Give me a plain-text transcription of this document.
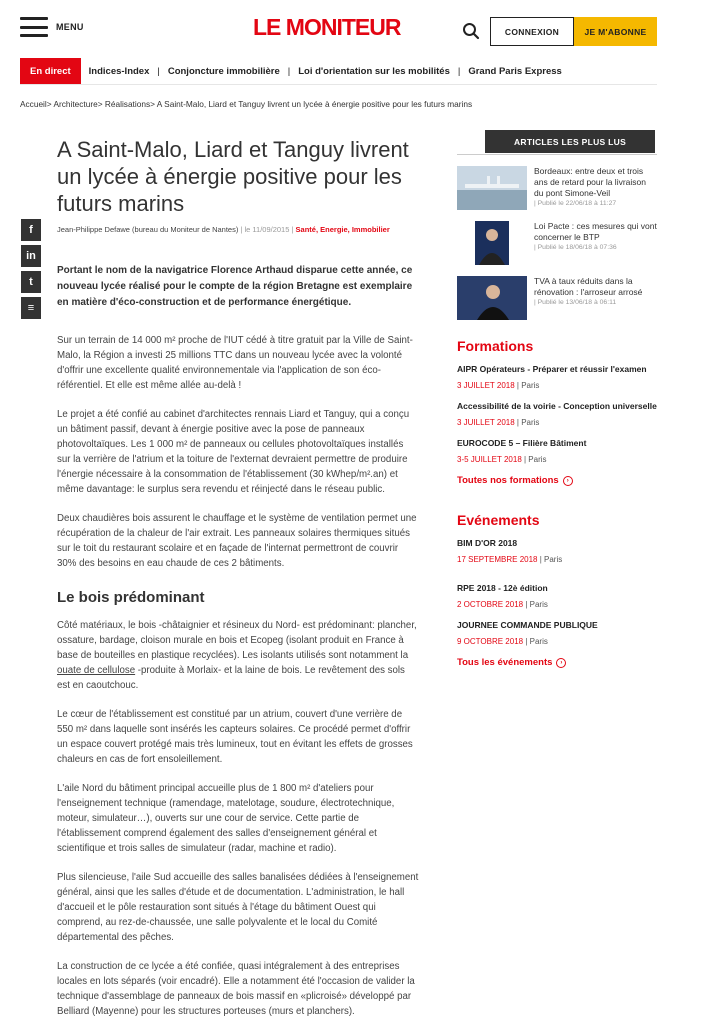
MENU	LE MONITEUR	CONNEXION	JE M'ABONNE
En direct	Indices-Index | Conjoncture immobilière | Loi d'orientation sur les mobilités | Grand Paris Express
Accueil> Architecture> Réalisations> A Saint-Malo, Liard et Tanguy livrent un lycée à énergie positive pour les futurs marins
f
in
t
≡
A Saint-Malo, Liard et Tanguy livrent un lycée à énergie positive pour les futurs marins
Jean-Philippe Defawe (bureau du Moniteur de Nantes) | le 11/09/2015 | Santé, Energie, Immobilier

Portant le nom de la navigatrice Florence Arthaud disparue cette année, ce nouveau lycée réalisé pour le compte de la région Bretagne est exemplaire en matière d'éco-construction et de performance énergétique.

Sur un terrain de 14 000 m² proche de l'IUT cédé à titre gratuit par la Ville de Saint-Malo, la Région a investi 25 millions TTC dans un nouveau lycée avec la volonté d'offrir une excellente qualité environnementale via l'application de son éco-référentiel. Et elle est même allée au-delà !

Le projet a été confié au cabinet d'architectes rennais Liard et Tanguy, qui a conçu un bâtiment passif, devant à énergie positive avec la pose de panneaux photovoltaïques. Les 1 000 m² de panneaux ou cellules photovoltaïques installés sur la verrière de l'atrium et la toiture de l'externat devraient permettre de produire l'énergie nécessaire à la consommation de l'établissement (30 kWhep/m².an) et même davantage: le surplus sera revendu et réinjecté dans le réseau public.

Deux chaudières bois assurent le chauffage et le système de ventilation permet une récupération de la chaleur de l'air extrait. Les panneaux solaires thermiques situés sur le toit du restaurant scolaire et en façade de l'internat permettront de couvrir 30% des besoins en eau chaude de ces 2 bâtiments.

Le bois prédominant

Côté matériaux, le bois -châtaignier et résineux du Nord- est prédominant: plancher, ossature, bardage, cloison murale en bois et Ecopeg (isolant produit en France à base de bouteilles en plastique recyclées). Les isolants utilisés sont notamment la ouate de cellulose -produite à Morlaix- et la laine de bois. Le revêtement des sols est en caoutchouc.

Le cœur de l'établissement est constitué par un atrium, couvert d'une verrière de 550 m² dans laquelle sont insérés les capteurs solaires. Ce procédé permet d'offrir un espace couvert protégé mais très lumineux, tout en évitant les effets de grosses chaleurs en cas de fort ensoleillement.

L'aile Nord du bâtiment principal accueille plus de 1 800 m² d'ateliers pour l'enseignement technique (ramendage, matelotage, soudure, électrotechnique, moteur, simulateur…), ouverts sur une cour de service. Cette partie de l'établissement comprend également des salles d'enseignement général et scientifique et trois salles de simulateur (radar, machine et radio).

Plus silencieuse, l'aile Sud accueille des salles banalisées dédiées à l'enseignement général, ainsi que les salles d'étude et de documentation. L'administration, le hall d'accueil et le pôle restauration sont situés à l'étage du bâtiment Ouest qui comprend, au rez-de-chaussée, une salle polyvalente et le local du Comité départemental des pêches.

La construction de ce lycée a été confiée, quasi intégralement à des entreprises locales en lots séparés (voir encadré). Elle a notamment été l'occasion de valider la technique d'assemblage de panneaux de bois massif en «plicroisé» développé par Belliard (Mayenne) pour les structures porteuses (murs et planchers).

ARTICLES LES PLUS LUS
Bordeaux: entre deux et trois ans de retard pour la livraison du pont Simone-Veil
| Publié le 22/06/18 à 11:27
Loi Pacte : ces mesures qui vont concerner le BTP
| Publié le 18/06/18 à 07:36
TVA à taux réduits dans la rénovation : l'arroseur arrosé
| Publié le 13/06/18 à 06:11
Formations
AIPR Opérateurs - Préparer et réussir l'examen
3 JUILLET 2018 | Paris
Accessibilité de la voirie - Conception universelle
3 JUILLET 2018 | Paris
EUROCODE 5 – Filière Bâtiment
3-5 JUILLET 2018 | Paris
Toutes nos formations	›
Evénements
BIM D'OR 2018
17 SEPTEMBRE 2018 | Paris
RPE 2018 - 12è édition
2 OCTOBRE 2018 | Paris
JOURNEE COMMANDE PUBLIQUE
9 OCTOBRE 2018 | Paris
Tous les événements	›
